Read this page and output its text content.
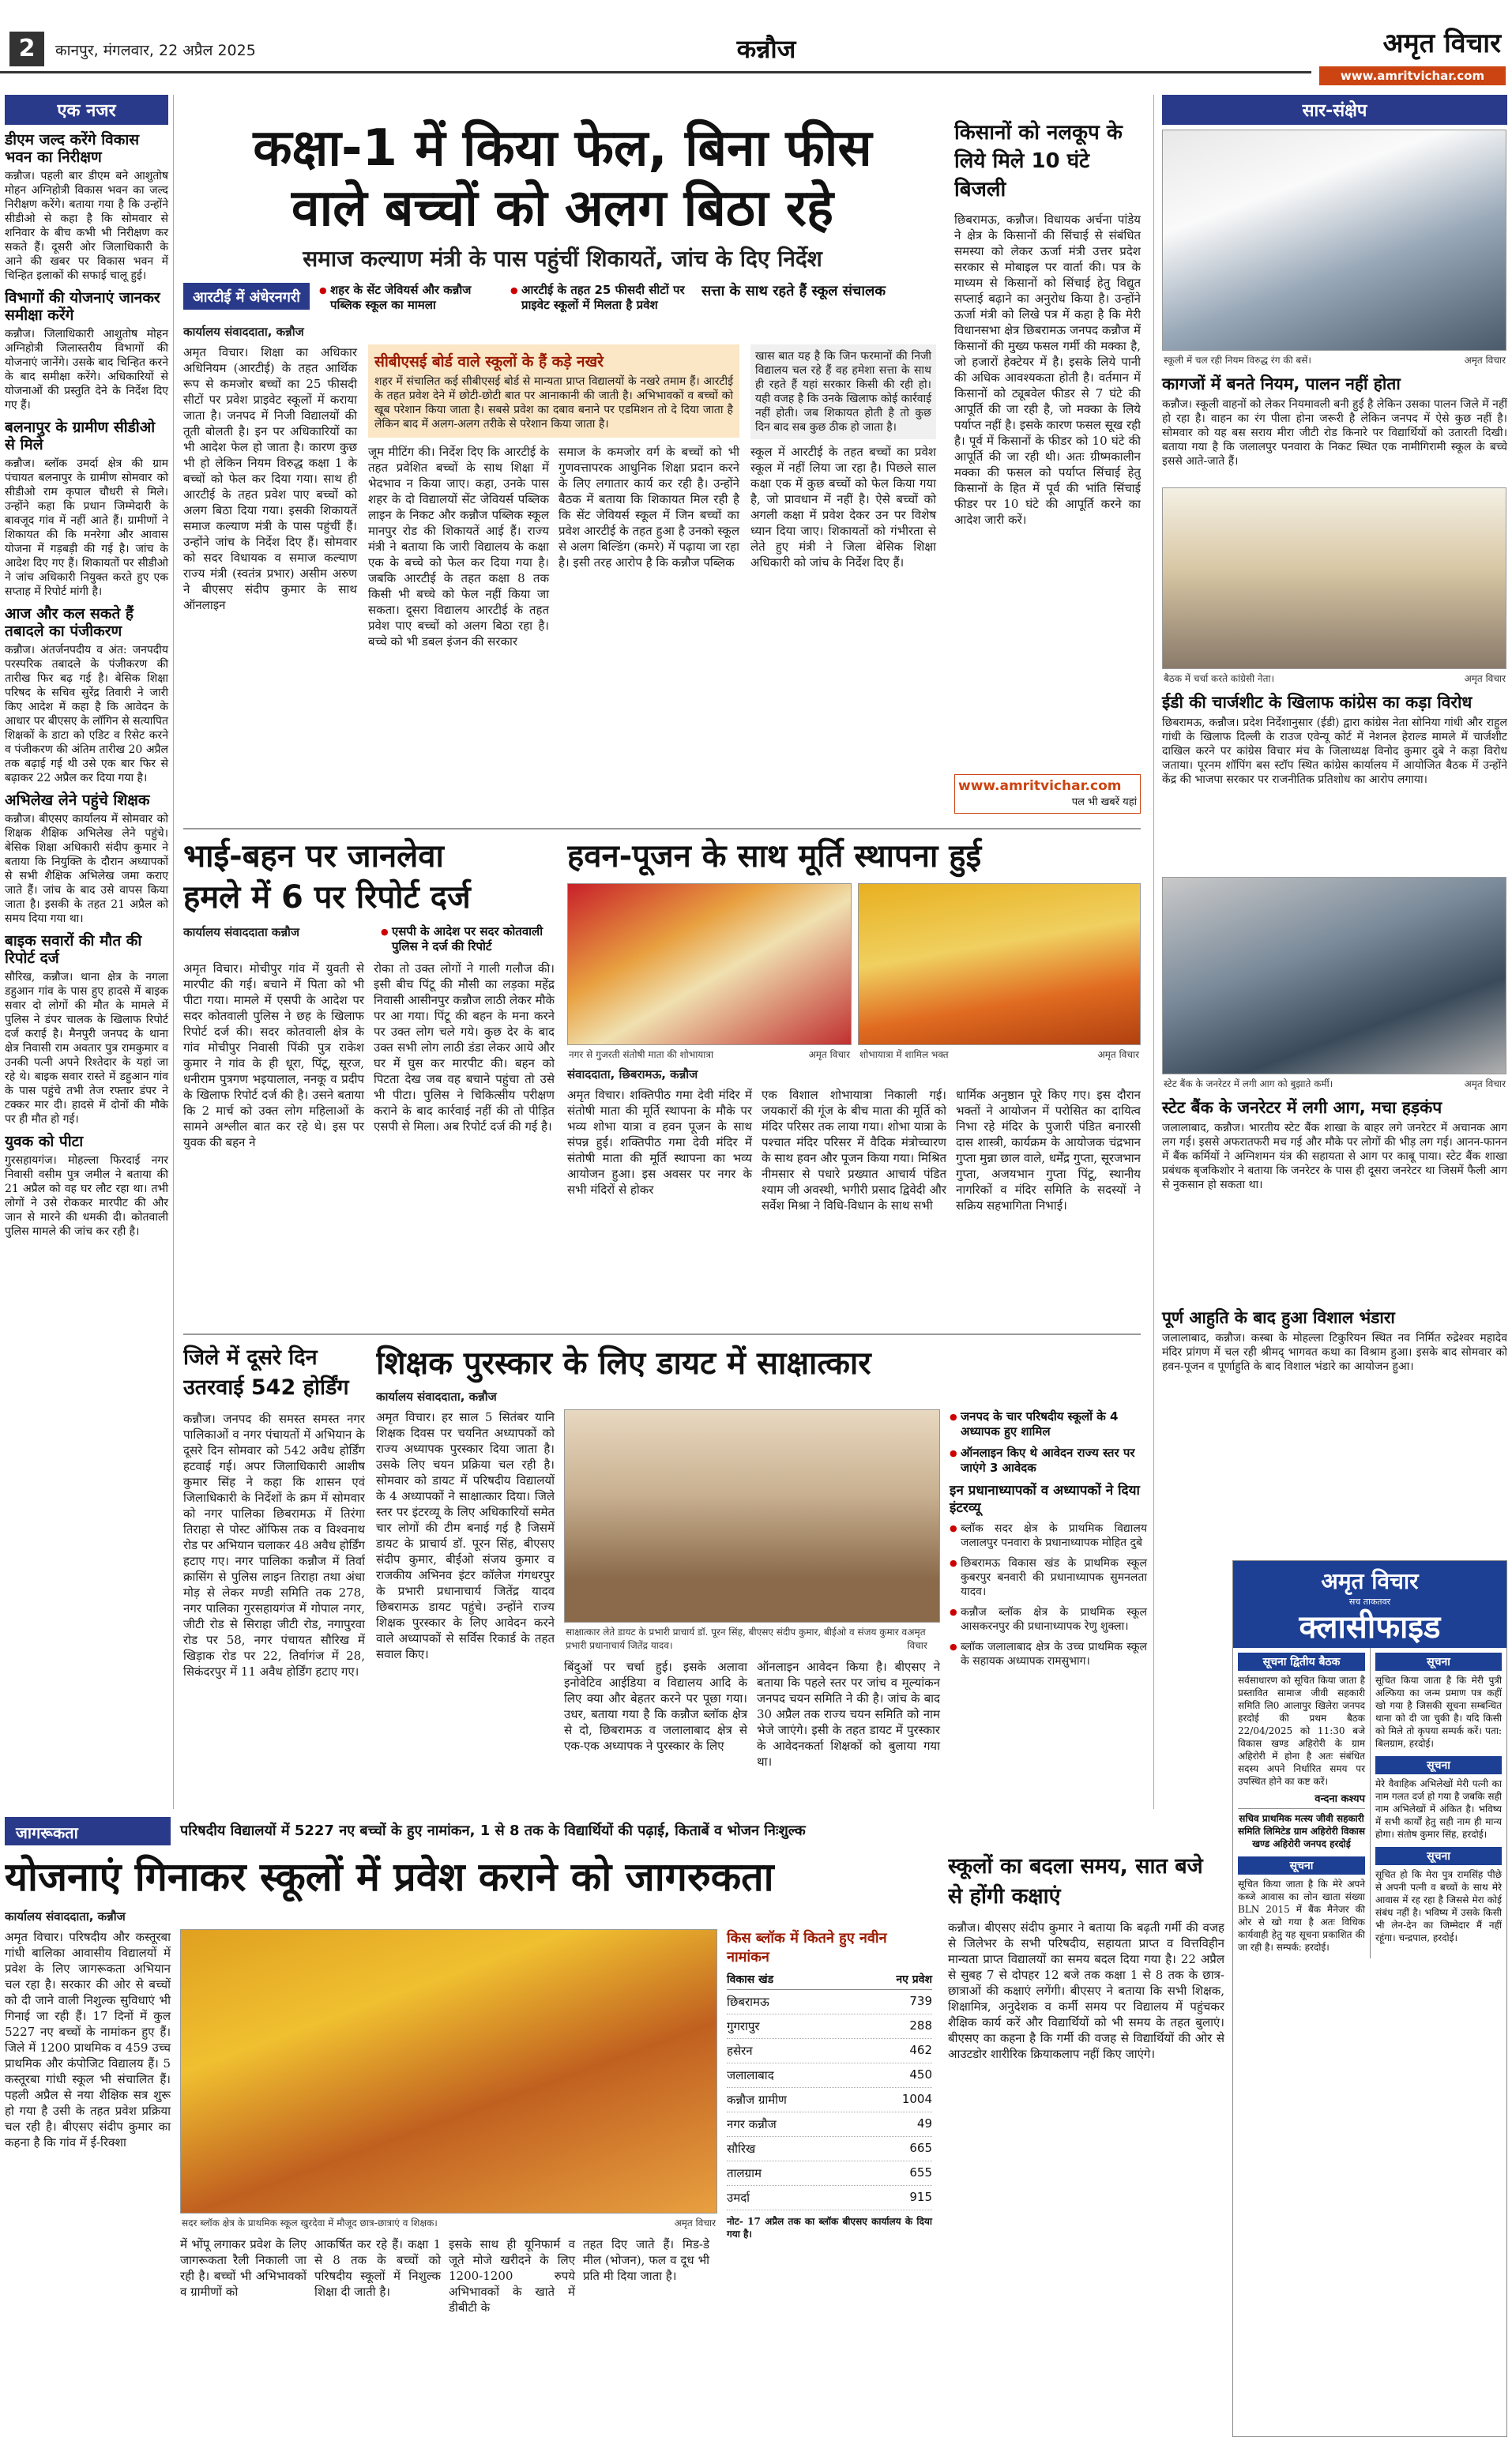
2	कानपुर, मंगलवार, 22 अप्रैल 2025	कन्नौज	अमृत विचार
www.amritvichar.com
एक नजर
डीएम जल्द करेंगे विकास भवन का निरीक्षण

कन्नौज। पहली बार डीएम बने आशुतोष मोहन अग्निहोत्री विकास भवन का जल्द निरीक्षण करेंगे। बताया गया है कि उन्होंने सीडीओ से कहा है कि सोमवार से शनिवार के बीच कभी भी निरीक्षण कर सकते हैं। दूसरी ओर जिलाधिकारी के आने की खबर पर विकास भवन में चिन्हित इलाकों की सफाई चालू हुई।

विभागों की योजनाएं जानकर समीक्षा करेंगे

कन्नौज। जिलाधिकारी आशुतोष मोहन अग्निहोत्री जिलास्तरीय विभागों की योजनाएं जानेंगे। उसके बाद चिन्हित करने के बाद समीक्षा करेंगे। अधिकारियों से योजनाओं की प्रस्तुति देने के निर्देश दिए गए हैं।

बलनापुर के ग्रामीण सीडीओ से मिले

कन्नौज। ब्लॉक उमर्दा क्षेत्र की ग्राम पंचायत बलनापुर के ग्रामीण सोमवार को सीडीओ राम कृपाल चौधरी से मिले। उन्होंने कहा कि प्रधान जिम्मेदारी के बावजूद गांव में नहीं आते हैं। ग्रामीणों ने शिकायत की कि मनरेगा और आवास योजना में गड़बड़ी की गई है। जांच के आदेश दिए गए हैं। शिकायतों पर सीडीओ ने जांच अधिकारी नियुक्त करते हुए एक सप्ताह में रिपोर्ट मांगी है।

आज और कल सकते हैं तबादले का पंजीकरण

कन्नौज। अंतर्जनपदीय व अंत: जनपदीय परस्परिक तबादले के पंजीकरण की तारीख फिर बढ़ गई है। बेसिक शिक्षा परिषद के सचिव सुरेंद्र तिवारी ने जारी किए आदेश में कहा है कि आवेदन के आधार पर बीएसए के लॉगिन से सत्यापित शिक्षकों के डाटा को एडिट व रिसेट करने व पंजीकरण की अंतिम तारीख 20 अप्रैल तक बढ़ाई गई थी उसे एक बार फिर से बढ़ाकर 22 अप्रैल कर दिया गया है।

अभिलेख लेने पहुंचे शिक्षक

कन्नौज। बीएसए कार्यालय में सोमवार को शिक्षक शैक्षिक अभिलेख लेने पहुंचे। बेसिक शिक्षा अधिकारी संदीप कुमार ने बताया कि नियुक्ति के दौरान अध्यापकों से सभी शैक्षिक अभिलेख जमा कराए जाते हैं। जांच के बाद उसे वापस किया जाता है। इसकी के तहत 21 अप्रैल को समय दिया गया था।

बाइक सवारों की मौत की रिपोर्ट दर्ज

सौरिख, कन्नौज। थाना क्षेत्र के नगला डहुआन गांव के पास हुए हादसे में बाइक सवार दो लोगों की मौत के मामले में पुलिस ने डंपर चालक के खिलाफ रिपोर्ट दर्ज कराई है। मैनपुरी जनपद के थाना क्षेत्र निवासी राम अवतार पुत्र रामकुमार व उनकी पत्नी अपने रिश्तेदार के यहां जा रहे थे। बाइक सवार रास्ते में डहुआन गांव के पास पहुंचे तभी तेज रफ्तार डंपर ने टक्कर मार दी। हादसे में दोनों की मौके पर ही मौत हो गई।

युवक को पीटा

गुरसहायगंज। मोहल्ला फिरदाई नगर निवासी वसीम पुत्र जमील ने बताया की 21 अप्रैल को वह घर लौट रहा था। तभी लोगों ने उसे रोककर मारपीट की और जान से मारने की धमकी दी। कोतवाली पुलिस मामले की जांच कर रही है।

कक्षा-1 में किया फेल, बिना फीस
वाले बच्चों को अलग बिठा रहे
समाज कल्याण मंत्री के पास पहुंचीं शिकायतें, जांच के दिए निर्देश
आरटीई में अंधेरनगरी	● शहर के सेंट जेवियर्स और कन्नौज पब्लिक स्कूल का मामला
● आरटीई के तहत 25 फीसदी सीटों पर प्राइवेट स्कूलों में मिलता है प्रवेश
सत्ता के साथ रहते हैं स्कूल संचालक
कार्यालय संवाददाता, कन्नौज

अमृत विचार। शिक्षा का अधिकार अधिनियम (आरटीई) के तहत आर्थिक रूप से कमजोर बच्चों का 25 फीसदी सीटों पर प्रवेश प्राइवेट स्कूलों में कराया जाता है। जनपद में निजी विद्यालयों की तूती बोलती है। इन पर अधिकारियों का भी आदेश फेल हो जाता है। कारण कुछ भी हो लेकिन नियम विरुद्ध कक्षा 1 के बच्चों को फेल कर दिया गया। साथ ही आरटीई के तहत प्रवेश पाए बच्चों को अलग बिठा दिया गया। इसकी शिकायतें समाज कल्याण मंत्री के पास पहुंचीं हैं। उन्होंने जांच के निर्देश दिए हैं। सोमवार को सदर विधायक व समाज कल्याण राज्य मंत्री (स्वतंत्र प्रभार) असीम अरुण ने बीएसए संदीप कुमार के साथ ऑनलाइन

सीबीएसई बोर्ड वाले स्कूलों के हैं कड़े नखरे

शहर में संचालित कई सीबीएसई बोर्ड से मान्यता प्राप्त विद्यालयों के नखरे तमाम हैं। आरटीई के तहत प्रवेश देने में छोटी-छोटी बात पर आनाकानी की जाती है। अभिभावकों व बच्चों को खूब परेशान किया जाता है। सबसे प्रवेश का दबाव बनाने पर एडमिशन तो दे दिया जाता है लेकिन बाद में अलग-अलग तरीके से परेशान किया जाता है।

जूम मीटिंग की। निर्देश दिए कि आरटीई के तहत प्रवेशित बच्चों के साथ शिक्षा में भेदभाव न किया जाए। कहा, उनके पास शहर के दो विद्यालयों सेंट जेवियर्स पब्लिक लाइन के निकट और कन्नौज पब्लिक स्कूल मानपुर रोड की शिकायतें आई हैं। राज्य मंत्री ने बताया कि जारी विद्यालय के कक्षा एक के बच्चे को फेल कर दिया गया है। जबकि आरटीई के तहत कक्षा 8 तक किसी भी बच्चे को फेल नहीं किया जा सकता। दूसरा विद्यालय आरटीई के तहत प्रवेश पाए बच्चों को अलग बिठा रहा है। बच्चे को भी डबल इंजन की सरकार

समाज के कमजोर वर्ग के बच्चों को भी गुणवत्तापरक आधुनिक शिक्षा प्रदान करने के लिए लगातार कार्य कर रही है। उन्होंने बैठक में बताया कि शिकायत मिल रही है कि सेंट जेवियर्स स्कूल में जिन बच्चों का प्रवेश आरटीई के तहत हुआ है उनको स्कूल से अलग बिल्डिंग (कमरे) में पढ़ाया जा रहा है। इसी तरह आरोप है कि कन्नौज पब्लिक

खास बात यह है कि जिन फरमानों की निजी विद्यालय चल रहे हैं वह हमेशा सत्ता के साथ ही रहते हैं यहां सरकार किसी की रही हो। यही वजह है कि उनके खिलाफ कोई कार्रवाई नहीं होती। जब शिकायत होती है तो कुछ दिन बाद सब कुछ ठीक हो जाता है।

स्कूल में आरटीई के तहत बच्चों का प्रवेश स्कूल में नहीं लिया जा रहा है। पिछले साल कक्षा एक में कुछ बच्चों को फेल किया गया है, जो प्रावधान में नहीं है। ऐसे बच्चों को अगली कक्षा में प्रवेश देकर उन पर विशेष ध्यान दिया जाए। शिकायतों को गंभीरता से लेते हुए मंत्री ने जिला बेसिक शिक्षा अधिकारी को जांच के निर्देश दिए हैं।

किसानों को नलकूप के लिये मिले 10 घंटे बिजली

छिबरामऊ, कन्नौज। विधायक अर्चना पांडेय ने क्षेत्र के किसानों की सिंचाई से संबंधित समस्या को लेकर ऊर्जा मंत्री उत्तर प्रदेश सरकार से मोबाइल पर वार्ता की। पत्र के माध्यम से किसानों को सिंचाई हेतु विद्युत सप्लाई बढ़ाने का अनुरोध किया है। उन्होंने ऊर्जा मंत्री को लिखे पत्र में कहा है कि मेरी विधानसभा क्षेत्र छिबरामऊ जनपद कन्नौज में किसानों की मुख्य फसल गर्मी की मक्का है, जो हजारों हेक्टेयर में है। इसके लिये पानी की अधिक आवश्यकता होती है। वर्तमान में किसानों को ट्यूबवेल फीडर से 7 घंटे की आपूर्ति की जा रही है, जो मक्का के लिये पर्याप्त नहीं है। इसके कारण फसल सूख रही है। पूर्व में किसानों के फीडर को 10 घंटे की आपूर्ति की जा रही थी। अतः ग्रीष्मकालीन मक्का की फसल को पर्याप्त सिंचाई हेतु किसानों के हित में पूर्व की भांति सिंचाई फीडर पर 10 घंटे की आपूर्ति करने का आदेश जारी करें।

www.amritvichar.com
पल भी खबरें यहां
सार-संक्षेप
स्कूली में चल रही नियम विरुद्ध रंग की बसें।	अमृत विचार
कागजों में बनते नियम, पालन नहीं होता

कन्नौज। स्कूली वाहनों को लेकर नियमावली बनी हुई है लेकिन उसका पालन जिले में नहीं हो रहा है। वाहन का रंग पीला होना जरूरी है लेकिन जनपद में ऐसे कुछ नहीं है। सोमवार को यह बस सराय मीरा जीटी रोड किनारे पर विद्यार्थियों को उतारती दिखी। बताया गया है कि जलालपुर पनवारा के निकट स्थित एक नामीगिरामी स्कूल के बच्चे इससे आते-जाते हैं।

बैठक में चर्चा करते कांग्रेसी नेता।	अमृत विचार
ईडी की चार्जशीट के खिलाफ कांग्रेस का कड़ा विरोध

छिबरामऊ, कन्नौज। प्रदेश निर्देशानुसार (ईडी) द्वारा कांग्रेस नेता सोनिया गांधी और राहुल गांधी के खिलाफ दिल्ली के राउज एवेन्यू कोर्ट में नेशनल हेराल्ड मामले में चार्जशीट दाखिल करने पर कांग्रेस विचार मंच के जिलाध्यक्ष विनोद कुमार दुबे ने कड़ा विरोध जताया। पूरनम शॉपिंग बस स्टॉप स्थित कांग्रेस कार्यालय में आयोजित बैठक में उन्होंने केंद्र की भाजपा सरकार पर राजनीतिक प्रतिशोध का आरोप लगाया।

स्टेट बैंक के जनरेटर में लगी आग को बुझाते कर्मी।	अमृत विचार
स्टेट बैंक के जनरेटर में लगी आग, मचा हड़कंप

जलालाबाद, कन्नौज। भारतीय स्टेट बैंक शाखा के बाहर लगे जनरेटर में अचानक आग लग गई। इससे अफरातफरी मच गई और मौके पर लोगों की भीड़ लग गई। आनन-फानन में बैंक कर्मियों ने अग्निशमन यंत्र की सहायता से आग पर काबू पाया। स्टेट बैंक शाखा प्रबंधक बृजकिशोर ने बताया कि जनरेटर के पास ही दूसरा जनरेटर था जिसमें फैली आग से नुकसान हो सकता था।

पूर्ण आहुति के बाद हुआ विशाल भंडारा

जलालाबाद, कन्नौज। कस्बा के मोहल्ला टिकुरियन स्थित नव निर्मित रुद्रेश्वर महादेव मंदिर प्रांगण में चल रही श्रीमद् भागवत कथा का विश्राम हुआ। इसके बाद सोमवार को हवन-पूजन व पूर्णाहुति के बाद विशाल भंडारे का आयोजन हुआ।

अमृत विचार
सच ताकतवर
क्लासीफाइड
सूचना द्वितीय बैठक

सर्वसाधारण को सूचित किया जाता है प्रस्तावित सामाज जीवी सहकारी समिति लि0 आलापुर खिलेरा जनपद हरदोई की प्रथम बैठक 22/04/2025 को 11:30 बजे विकास खण्ड अहिरोरी के ग्राम अहिरोरी में होना है अतः संबंधित सदस्य अपने निर्धारित समय पर उपस्थित होने का कष्ट करें।

वन्दना कश्यप

सचिव प्राथमिक मत्स्य जीवी सहकारी समिति लिमिटेड ग्राम अहिरोरी विकास खण्ड अहिरोरी जनपद हरदोई

सूचना

सूचित किया जाता है कि मेरे अपने कब्जे आवास का लोन खाता संख्या BLN 2015 में बैंक मैनेजर की ओर से खो गया है अतः विधिक कार्यवाही हेतु यह सूचना प्रकाशित की जा रही है। सम्पर्क: हरदोई।

सूचना

सूचित किया जाता है कि मेरी पुत्री अल्फिया का जन्म प्रमाण पत्र कहीं खो गया है जिसकी सूचना सम्बन्धित थाना को दी जा चुकी है। यदि किसी को मिले तो कृपया सम्पर्क करें। पता: बिलग्राम, हरदोई।

सूचना

मेरे वैवाहिक अभिलेखों मेरी पत्नी का नाम गलत दर्ज हो गया है जबकि सही नाम अभिलेखों में अंकित है। भविष्य में सभी कार्यों हेतु सही नाम ही मान्य होगा। संतोष कुमार सिंह, हरदोई।

सूचना

सूचित हो कि मेरा पुत्र रामसिंह पीछे से अपनी पत्नी व बच्चों के साथ मेरे आवास में रह रहा है जिससे मेरा कोई संबंध नहीं है। भविष्य में उसके किसी भी लेन-देन का जिम्मेदार मैं नहीं रहूंगा। चन्द्रपाल, हरदोई।

भाई-बहन पर जानलेवा
हमले में 6 पर रिपोर्ट दर्ज
कार्यालय संवाददाता कन्नौज	● एसपी के आदेश पर सदर कोतवाली पुलिस ने दर्ज की रिपोर्ट

अमृत विचार। मोचीपुर गांव में युवती से मारपीट की गई। बचाने में पिता को भी पीटा गया। मामले में एसपी के आदेश पर सदर कोतवाली पुलिस ने छह के खिलाफ रिपोर्ट दर्ज की। सदर कोतवाली क्षेत्र के गांव मोचीपुर निवासी पिंकी पुत्र राकेश कुमार ने गांव के ही धूरा, पिंटू, सूरज, धनीराम पुत्रगण भइयालाल, ननकू व प्रदीप के खिलाफ रिपोर्ट दर्ज की है। उसने बताया कि 2 मार्च को उक्त लोग महिलाओं के सामने अश्लील बात कर रहे थे। इस पर युवक की बहन ने

रोका तो उक्त लोगों ने गाली गलौज की। इसी बीच पिंटू की मौसी का लड़का महेंद्र निवासी आसीनपुर कन्नौज लाठी लेकर मौके पर आ गया। पिंटू की बहन के मना करने पर उक्त लोग चले गये। कुछ देर के बाद उक्त सभी लोग लाठी डंडा लेकर आये और घर में घुस कर मारपीट की। बहन को पिटता देख जब वह बचाने पहुंचा तो उसे भी पीटा। पुलिस ने चिकित्सीय परीक्षण कराने के बाद कार्रवाई नहीं की तो पीड़ित एसपी से मिला। अब रिपोर्ट दर्ज की गई है।

हवन-पूजन के साथ मूर्ति स्थापना हुई
नगर से गुजरती संतोषी माता की शोभायात्रा	अमृत विचार शोभायात्रा में शामिल भक्त	अमृत विचार
संवाददाता, छिबरामऊ, कन्नौज

अमृत विचार। शक्तिपीठ गमा देवी मंदिर में संतोषी माता की मूर्ति स्थापना के मौके पर भव्य शोभा यात्रा व हवन पूजन के साथ संपन्न हुई। शक्तिपीठ गमा देवी मंदिर में संतोषी माता की मूर्ति स्थापना का भव्य आयोजन हुआ। इस अवसर पर नगर के सभी मंदिरों से होकर

एक विशाल शोभायात्रा निकाली गई। जयकारों की गूंज के बीच माता की मूर्ति को मंदिर परिसर तक लाया गया। शोभा यात्रा के पश्चात मंदिर परिसर में वैदिक मंत्रोच्चारण के साथ हवन और पूजन किया गया। मिश्रित नीमसार से पधारे प्रख्यात आचार्य पंडित श्याम जी अवस्थी, भगीरी प्रसाद द्विवेदी और सर्वेश मिश्रा ने विधि-विधान के साथ सभी

धार्मिक अनुष्ठान पूरे किए गए। इस दौरान भक्तों ने आयोजन में परोसित का दायित्व निभा रहे मंदिर के पुजारी पंडित बनारसी दास शास्त्री, कार्यक्रम के आयोजक चंद्रभान गुप्ता मुन्ना छाल वाले, धर्मेंद्र गुप्ता, सूरजभान गुप्ता, अजयभान गुप्ता पिंटू, स्थानीय नागरिकों व मंदिर समिति के सदस्यों ने सक्रिय सहभागिता निभाई।

जिले में दूसरे दिन उतरवाई 542 होर्डिंग

कन्नौज। जनपद की समस्त समस्त नगर पालिकाओं व नगर पंचायतों में अभियान के दूसरे दिन सोमवार को 542 अवैध होर्डिंग हटवाई गई। अपर जिलाधिकारी आशीष कुमार सिंह ने कहा कि शासन एवं जिलाधिकारी के निर्देशों के क्रम में सोमवार को नगर पालिका छिबरामऊ में तिरंगा तिराहा से पोस्ट ऑफिस तक व विश्वनाथ रोड पर अभियान चलाकर 48 अवैध होर्डिंग हटाए गए। नगर पालिका कन्नौज में तिर्वा क्रासिंग से पुलिस लाइन तिराहा तथा अंधा मोड़ से लेकर मण्डी समिति तक 278, नगर पालिका गुरसहायगंज में गोपाल नगर, जीटी रोड से सिराहा जीटी रोड, नगापुरवा रोड पर 58, नगर पंचायत सौरिख में खिड़ाक रोड पर 22, तिर्वागंज में 28, सिकंदरपुर में 11 अवैध होर्डिंग हटाए गए।

शिक्षक पुरस्कार के लिए डायट में साक्षात्कार
कार्यालय संवाददाता, कन्नौज

अमृत विचार। हर साल 5 सितंबर यानि शिक्षक दिवस पर चयनित अध्यापकों को राज्य अध्यापक पुरस्कार दिया जाता है। उसके लिए चयन प्रक्रिया चल रही है। सोमवार को डायट में परिषदीय विद्यालयों के 4 अध्यापकों ने साक्षात्कार दिया। जिले स्तर पर इंटरव्यू के लिए अधिकारियों समेत चार लोगों की टीम बनाई गई है जिसमें डायट के प्राचार्य डॉ. पूरन सिंह, बीएसए संदीप कुमार, बीईओ संजय कुमार व राजकीय अभिनव इंटर कॉलेज गंगधरपुर के प्रभारी प्रधानाचार्य जितेंद्र यादव छिबरामऊ डायट पहुंचे। उन्होंने राज्य शिक्षक पुरस्कार के लिए आवेदन करने वाले अध्यापकों से सर्विस रिकार्ड के तहत सवाल किए।

साक्षात्कार लेते डायट के प्रभारी प्राचार्य डॉ. पूरन सिंह, बीएसए संदीप कुमार, बीईओ व संजय कुमार व प्रभारी प्रधानाचार्य जितेंद्र यादव।
अमृत विचार

बिंदुओं पर चर्चा हुई। इसके अलावा इनोवेटिव आईडिया व विद्यालय आदि के लिए क्या और बेहतर करने पर पूछा गया। उधर, बताया गया है कि कन्नौज ब्लॉक क्षेत्र से दो, छिबरामऊ व जलालाबाद क्षेत्र से एक-एक अध्यापक ने पुरस्कार के लिए

ऑनलाइन आवेदन किया है। बीएसए ने बताया कि पहले स्तर पर जांच व मूल्यांकन जनपद चयन समिति ने की है। जांच के बाद 30 अप्रैल तक राज्य चयन समिति को नाम भेजे जाएंगे। इसी के तहत डायट में पुरस्कार के आवेदनकर्ता शिक्षकों को बुलाया गया था।

● जनपद के चार परिषदीय स्कूलों के 4 अध्यापक हुए शामिल
● ऑनलाइन किए थे आवेदन राज्य स्तर पर जाएंगे 3 आवेदक
इन प्रधानाध्यापकों व अध्यापकों ने दिया इंटरव्यू

● ब्लॉक सदर क्षेत्र के प्राथमिक विद्यालय जलालपुर पनवारा के प्रधानाध्यापक मोहित दुबे

● छिबरामऊ विकास खंड के प्राथमिक स्कूल कुबरपुर बनवारी की प्रधानाध्यापक सुमनलता यादव।

● कन्नौज ब्लॉक क्षेत्र के प्राथमिक स्कूल आसकरनपुर की प्रधानाध्यापक रेणु शुक्ला।

● ब्लॉक जलालाबाद क्षेत्र के उच्च प्राथमिक स्कूल के सहायक अध्यापक रामसुभाग।

जागरूकता	परिषदीय विद्यालयों में 5227 नए बच्चों के हुए नामांकन, 1 से 8 तक के विद्यार्थियों की पढ़ाई, किताबें व भोजन निःशुल्क
योजनाएं गिनाकर स्कूलों में प्रवेश कराने को जागरुकता
कार्यालय संवाददाता, कन्नौज

अमृत विचार। परिषदीय और कस्तूरबा गांधी बालिका आवासीय विद्यालयों में प्रवेश के लिए जागरूकता अभियान चल रहा है। सरकार की ओर से बच्चों को दी जाने वाली निशुल्क सुविधाएं भी गिनाई जा रही हैं। 17 दिनों में कुल 5227 नए बच्चों के नामांकन हुए हैं। जिले में 1200 प्राथमिक व 459 उच्च प्राथमिक और कंपोजिट विद्यालय हैं। 5 कस्तूरबा गांधी स्कूल भी संचालित हैं। पहली अप्रैल से नया शैक्षिक सत्र शुरू हो गया है उसी के तहत प्रवेश प्रक्रिया चल रही है। बीएसए संदीप कुमार का कहना है कि गांव में ई-रिक्शा

सदर ब्लॉक क्षेत्र के प्राथमिक स्कूल खुरदेवा में मौजूद छात्र-छात्राएं व शिक्षक।	अमृत विचार

में भोंपू लगाकर प्रवेश के लिए जागरूकता रैली निकाली जा रही है। बच्चों भी अभिभावकों व ग्रामीणों को

आकर्षित कर रहे हैं। कक्षा 1 से 8 तक के बच्चों को परिषदीय स्कूलों में निशुल्क शिक्षा दी जाती है।

इसके साथ ही यूनिफार्म व जूते मोजे खरीदने के लिए 1200-1200 रुपये अभिभावकों के खाते में डीबीटी के

तहत दिए जाते हैं। मिड-डे मील (भोजन), फल व दूध भी प्रति मी दिया जाता है।

किस ब्लॉक में कितने हुए नवीन नामांकन
विकास खंड	नए प्रवेश
छिबरामऊ	739
गुगरापुर	288
हसेरन	462
जलालाबाद	450
कन्नौज ग्रामीण	1004
नगर कन्नौज	49
सौरिख	665
तालग्राम	655
उमर्दा	915

नोट- 17 अप्रैल तक का ब्लॉक बीएसए कार्यालय के दिया गया है।

स्कूलों का बदला समय, सात बजे से होंगी कक्षाएं

कन्नौज। बीएसए संदीप कुमार ने बताया कि बढ़ती गर्मी की वजह से जिलेभर के सभी परिषदीय, सहायता प्राप्त व वित्तविहीन मान्यता प्राप्त विद्यालयों का समय बदल दिया गया है। 22 अप्रैल से सुबह 7 से दोपहर 12 बजे तक कक्षा 1 से 8 तक के छात्र-छात्राओं की कक्षाएं लगेंगी। बीएसए ने बताया कि सभी शिक्षक, शिक्षामित्र, अनुदेशक व कर्मी समय पर विद्यालय में पहुंचकर शैक्षिक कार्य करें और विद्यार्थियों को भी समय के तहत बुलाएं। बीएसए का कहना है कि गर्मी की वजह से विद्यार्थियों की ओर से आउटडोर शारीरिक क्रियाकलाप नहीं किए जाएंगे।
